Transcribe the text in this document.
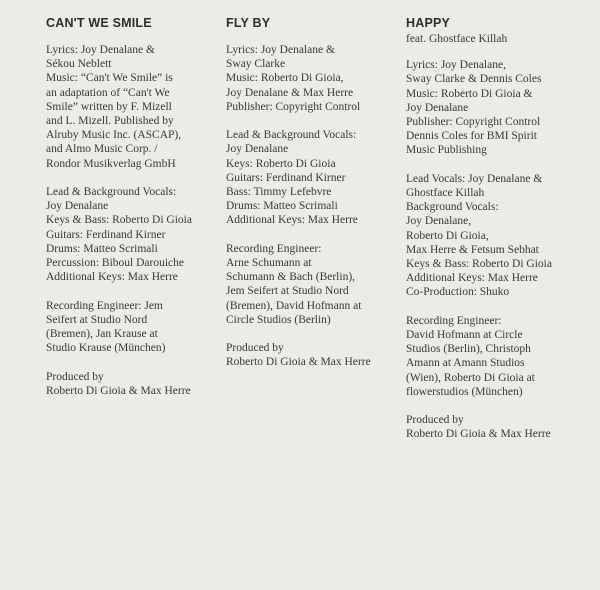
CAN'T WE SMILE

Lyrics: Joy Denalane &
Sékou Neblett
Music: “Can't We Smile” is
an adaptation of “Can't We
Smile” written by F. Mizell
and L. Mizell. Published by
Alruby Music Inc. (ASCAP),
and Almo Music Corp. /
Rondor Musikverlag GmbH

Lead & Background Vocals:
Joy Denalane
Keys & Bass: Roberto Di Gioia
Guitars: Ferdinand Kirner
Drums: Matteo Scrimali
Percussion: Biboul Darouiche
Additional Keys: Max Herre

Recording Engineer: Jem
Seifert at Studio Nord
(Bremen), Jan Krause at
Studio Krause (München)

Produced by
Roberto Di Gioia & Max Herre

FLY BY

Lyrics: Joy Denalane &
Sway Clarke
Music: Roberto Di Gioia,
Joy Denalane & Max Herre
Publisher: Copyright Control

Lead & Background Vocals:
Joy Denalane
Keys: Roberto Di Gioia
Guitars: Ferdinand Kirner
Bass: Timmy Lefebvre
Drums: Matteo Scrimali
Additional Keys: Max Herre

Recording Engineer:
Arne Schumann at
Schumann & Bach (Berlin),
Jem Seifert at Studio Nord
(Bremen), David Hofmann at
Circle Studios (Berlin)

Produced by
Roberto Di Gioia & Max Herre

HAPPY
feat. Ghostface Killah

Lyrics: Joy Denalane,
Sway Clarke & Dennis Coles
Music: Roberto Di Gioia &
Joy Denalane
Publisher: Copyright Control
Dennis Coles for BMI Spirit
Music Publishing

Lead Vocals: Joy Denalane &
Ghostface Killah
Background Vocals:
Joy Denalane,
Roberto Di Gioia,
Max Herre & Fetsum Sebhat
Keys & Bass: Roberto Di Gioia
Additional Keys: Max Herre
Co-Production: Shuko

Recording Engineer:
David Hofmann at Circle
Studios (Berlin), Christoph
Amann at Amann Studios
(Wien), Roberto Di Gioia at
flowerstudios (München)

Produced by
Roberto Di Gioia & Max Herre
